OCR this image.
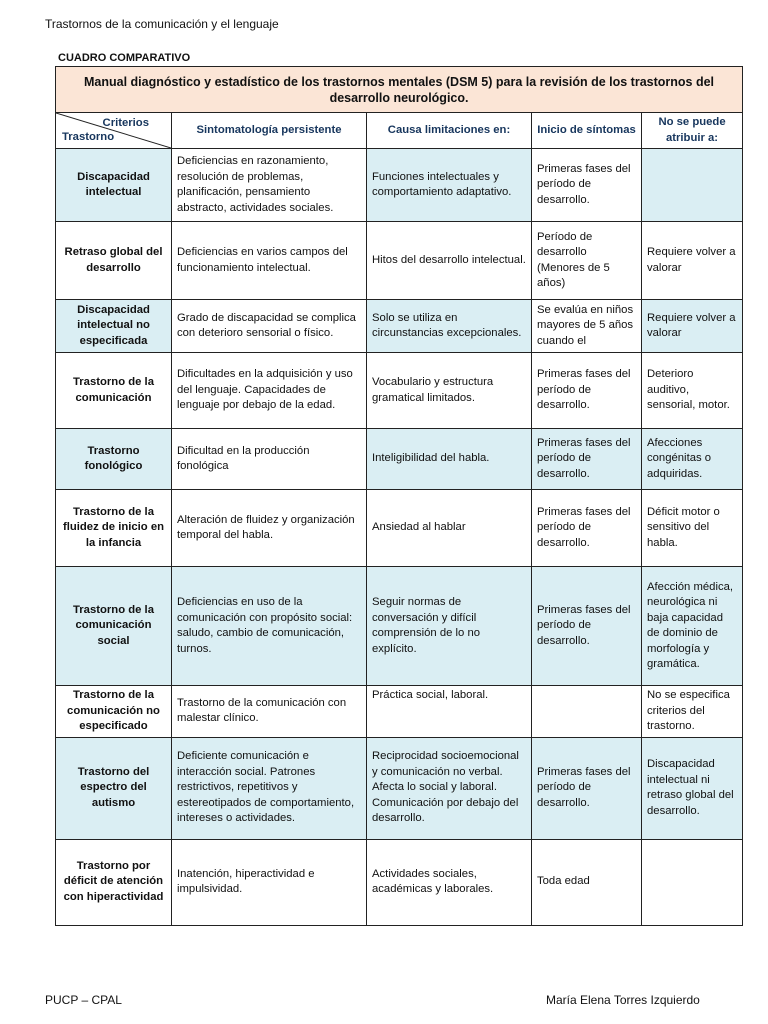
Trastornos de la comunicación y el lenguaje
CUADRO COMPARATIVO
Manual diagnóstico y estadístico de los trastornos mentales (DSM 5) para la revisión de los trastornos del desarrollo neurológico.				

Criterios
Trastorno	Sintomatología persistente	Causa limitaciones en:	Inicio de síntomas	No se puede atribuir a:
Discapacidad intelectual	Deficiencias en razonamiento, resolución de problemas, planificación, pensamiento abstracto, actividades sociales.	Funciones intelectuales y comportamiento adaptativo.	Primeras fases del período de desarrollo.	
Retraso global del desarrollo	Deficiencias en varios campos del funcionamiento intelectual.	Hitos del desarrollo intelectual.	Período de desarrollo (Menores de 5 años)	Requiere volver a valorar
Discapacidad intelectual no especificada	Grado de discapacidad se complica con deterioro sensorial o físico.	Solo se utiliza en circunstancias excepcionales.	Se evalúa en niños mayores de 5 años cuando el	Requiere volver a valorar
Trastorno de la comunicación	Dificultades en la adquisición y uso del lenguaje. Capacidades de lenguaje por debajo de la edad.	Vocabulario y estructura gramatical limitados.	Primeras fases del período de desarrollo.	Deterioro auditivo, sensorial, motor.
Trastorno fonológico	Dificultad en la producción fonológica	Inteligibilidad del habla.	Primeras fases del período de desarrollo.	Afecciones congénitas o adquiridas.
Trastorno de la fluidez de inicio en la infancia	Alteración de fluidez y organización temporal del habla.	Ansiedad al hablar	Primeras fases del período de desarrollo.	Déficit motor o sensitivo del habla.
Trastorno de la comunicación social	Deficiencias en uso de la comunicación con propósito social: saludo, cambio de comunicación, turnos.	Seguir normas de conversación y difícil comprensión de lo no explícito.	Primeras fases del período de desarrollo.	Afección médica, neurológica ni baja capacidad de dominio de morfología y gramática.
Trastorno de la comunicación no especificado	Trastorno de la comunicación con malestar clínico.	Práctica social, laboral.		No se especifica criterios del trastorno.
Trastorno del espectro del autismo	Deficiente comunicación e interacción social. Patrones restrictivos, repetitivos y estereotipados de comportamiento, intereses o actividades.	Reciprocidad socioemocional y comunicación no verbal. Afecta lo social y laboral. Comunicación por debajo del desarrollo.	Primeras fases del período de desarrollo.	Discapacidad intelectual ni retraso global del desarrollo.
Trastorno por déficit de atención con hiperactividad	Inatención, hiperactividad e impulsividad.	Actividades sociales, académicas y laborales.	Toda edad	
PUCP – CPAL	María Elena Torres Izquierdo
